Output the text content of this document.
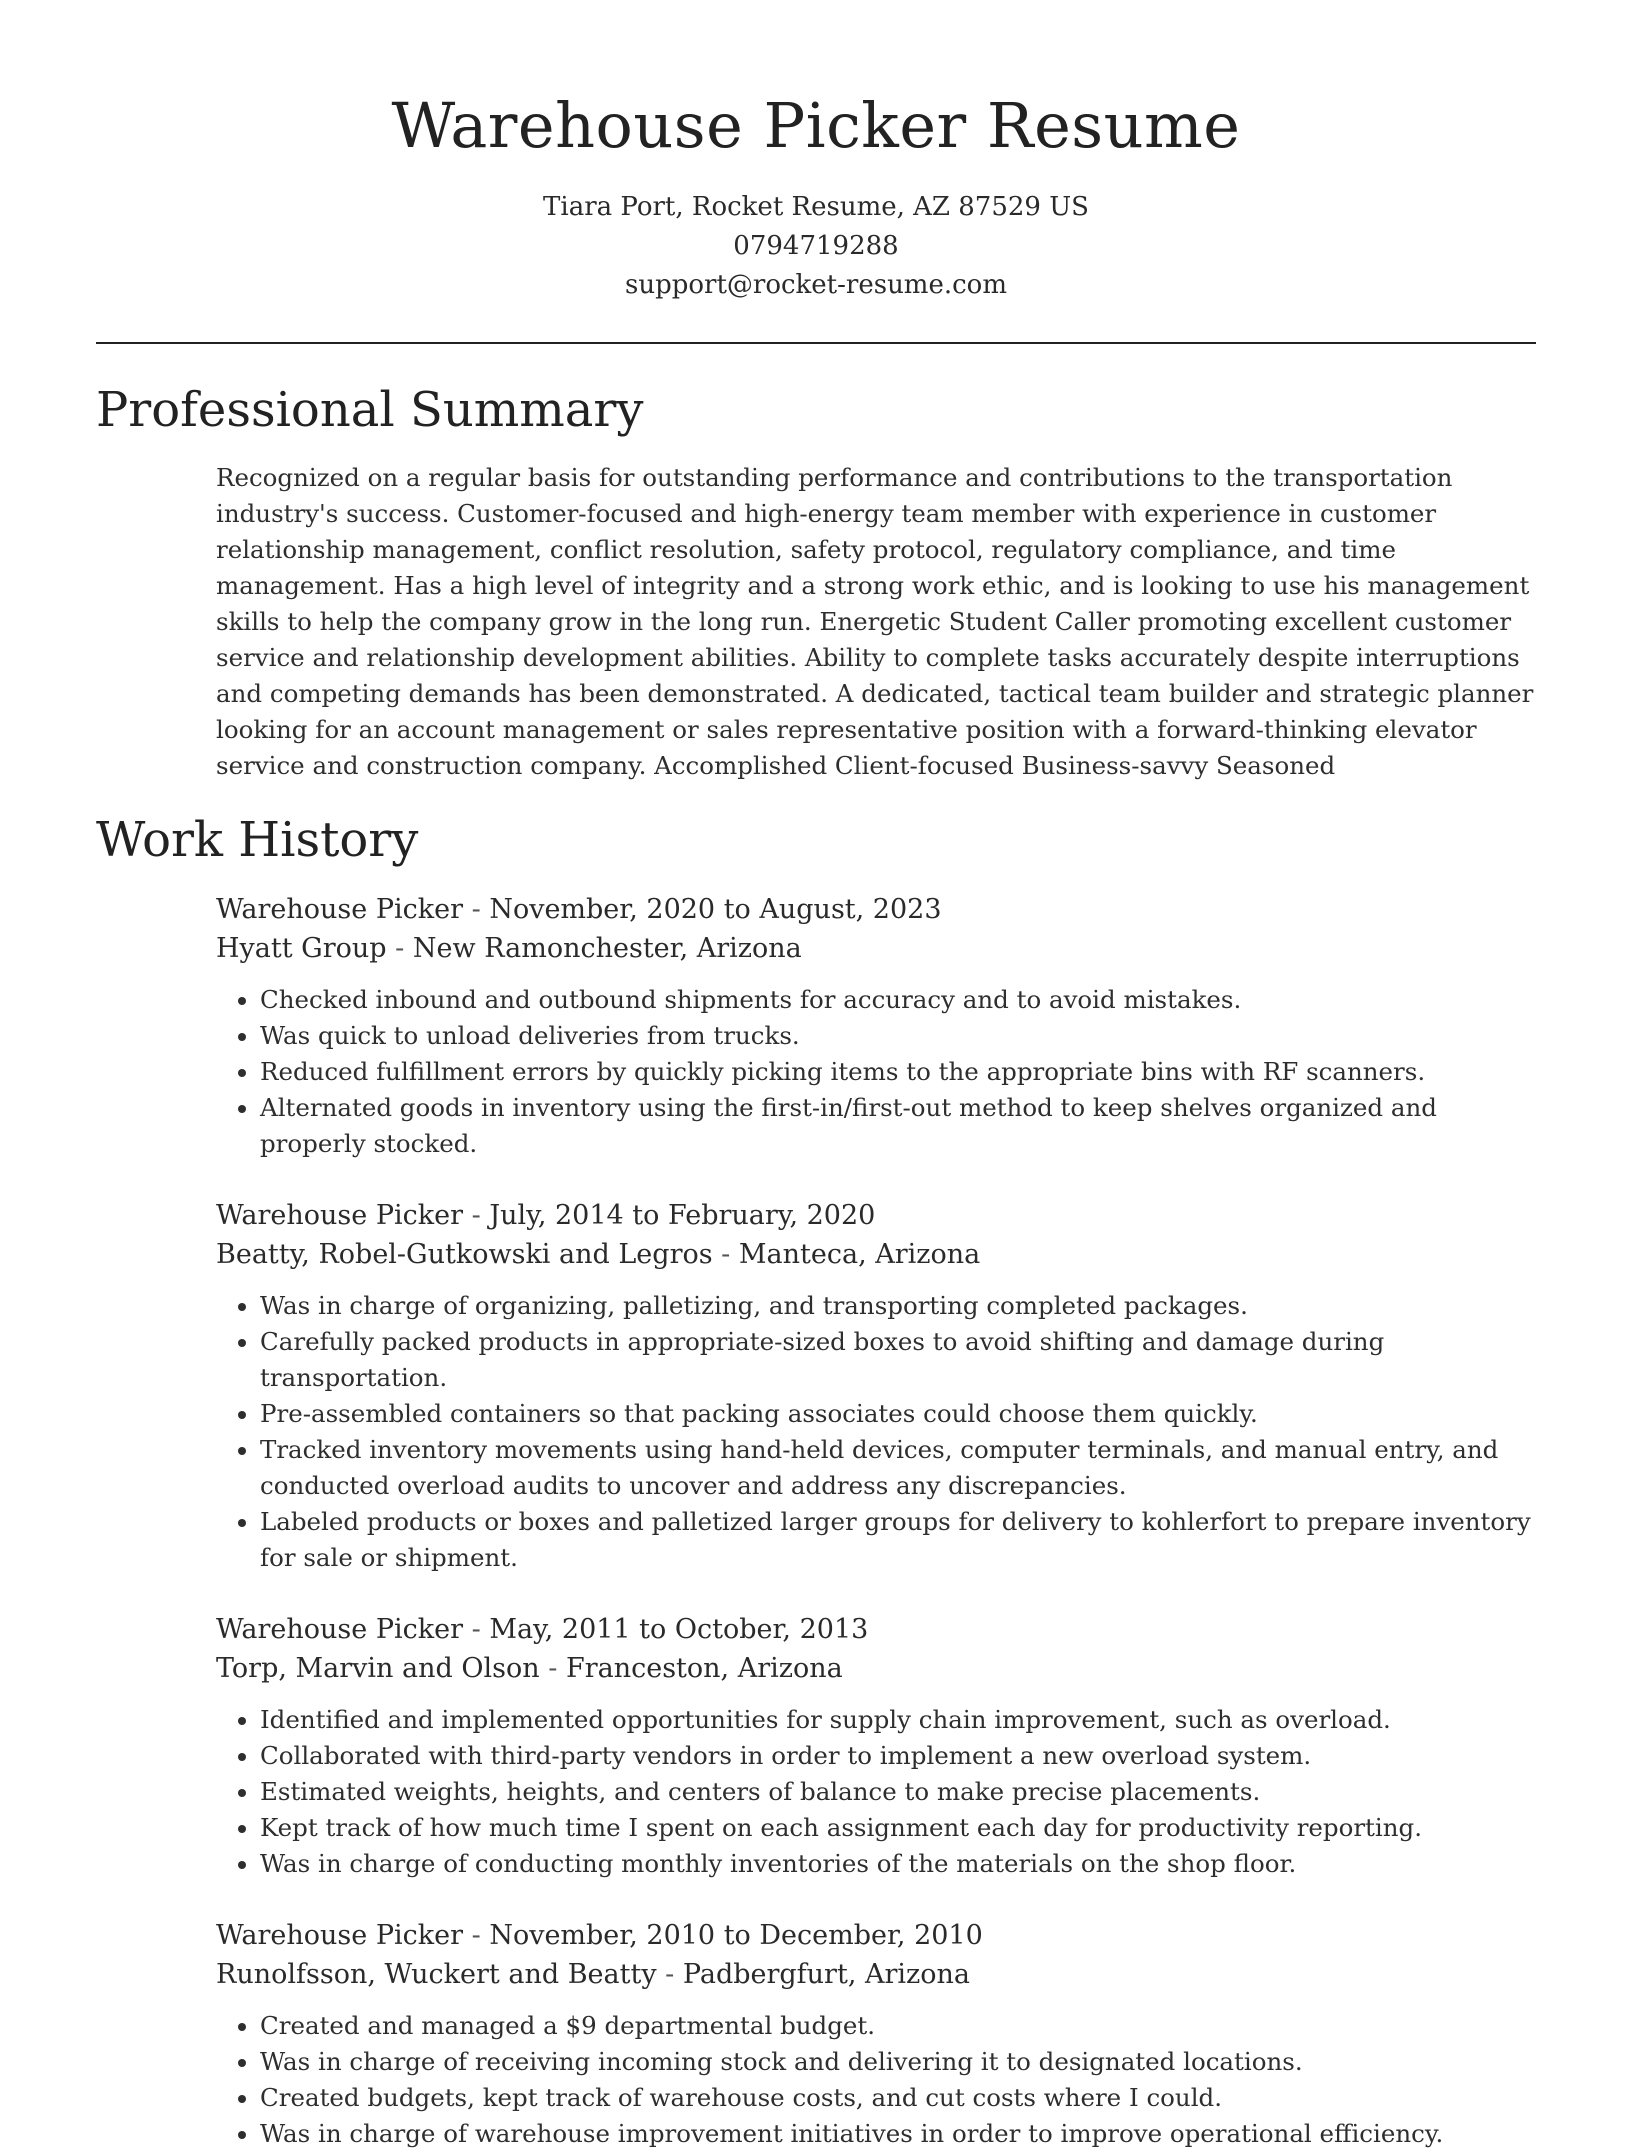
Warehouse Picker Resume
Tiara Port, Rocket Resume, AZ 87529 US
0794719288
support@rocket-resume.com
Professional Summary

Recognized on a regular basis for outstanding performance and contributions to the transportation industry's success. Customer-focused and high-energy team member with experience in customer relationship management, conflict resolution, safety protocol, regulatory compliance, and time management. Has a high level of integrity and a strong work ethic, and is looking to use his management skills to help the company grow in the long run. Energetic Student Caller promoting excellent customer service and relationship development abilities. Ability to complete tasks accurately despite interruptions and competing demands has been demonstrated. A dedicated, tactical team builder and strategic planner looking for an account management or sales representative position with a forward-thinking elevator service and construction company. Accomplished Client-focused Business-savvy Seasoned

Work History
Warehouse Picker - November, 2020 to August, 2023
Hyatt Group - New Ramonchester, Arizona
• Checked inbound and outbound shipments for accuracy and to avoid mistakes.
• Was quick to unload deliveries from trucks.
• Reduced fulfillment errors by quickly picking items to the appropriate bins with RF scanners.
• Alternated goods in inventory using the first-in/first-out method to keep shelves organized and properly stocked.
Warehouse Picker - July, 2014 to February, 2020
Beatty, Robel-Gutkowski and Legros - Manteca, Arizona
• Was in charge of organizing, palletizing, and transporting completed packages.
• Carefully packed products in appropriate-sized boxes to avoid shifting and damage during transportation.
• Pre-assembled containers so that packing associates could choose them quickly.
• Tracked inventory movements using hand-held devices, computer terminals, and manual entry, and conducted overload audits to uncover and address any discrepancies.
• Labeled products or boxes and palletized larger groups for delivery to kohlerfort to prepare inventory for sale or shipment.
Warehouse Picker - May, 2011 to October, 2013
Torp, Marvin and Olson - Franceston, Arizona
• Identified and implemented opportunities for supply chain improvement, such as overload.
• Collaborated with third-party vendors in order to implement a new overload system.
• Estimated weights, heights, and centers of balance to make precise placements.
• Kept track of how much time I spent on each assignment each day for productivity reporting.
• Was in charge of conducting monthly inventories of the materials on the shop floor.
Warehouse Picker - November, 2010 to December, 2010
Runolfsson, Wuckert and Beatty - Padbergfurt, Arizona
• Created and managed a $9 departmental budget.
• Was in charge of receiving incoming stock and delivering it to designated locations.
• Created budgets, kept track of warehouse costs, and cut costs where I could.
• Was in charge of warehouse improvement initiatives in order to improve operational efficiency.
